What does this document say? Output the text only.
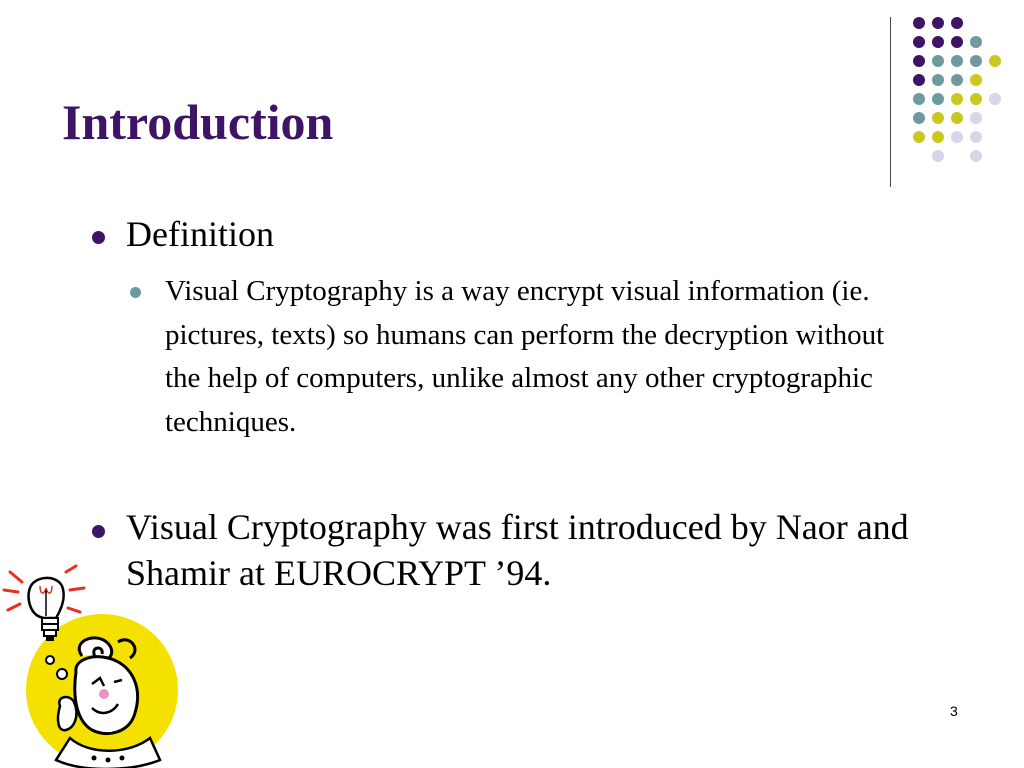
Introduction
Definition
Visual Cryptography is a way encrypt visual information (ie. pictures, texts) so humans can perform the decryption without the help of computers, unlike almost any other cryptographic techniques.
Visual Cryptography was first introduced by Naor and Shamir at EUROCRYPT ’94.
3
